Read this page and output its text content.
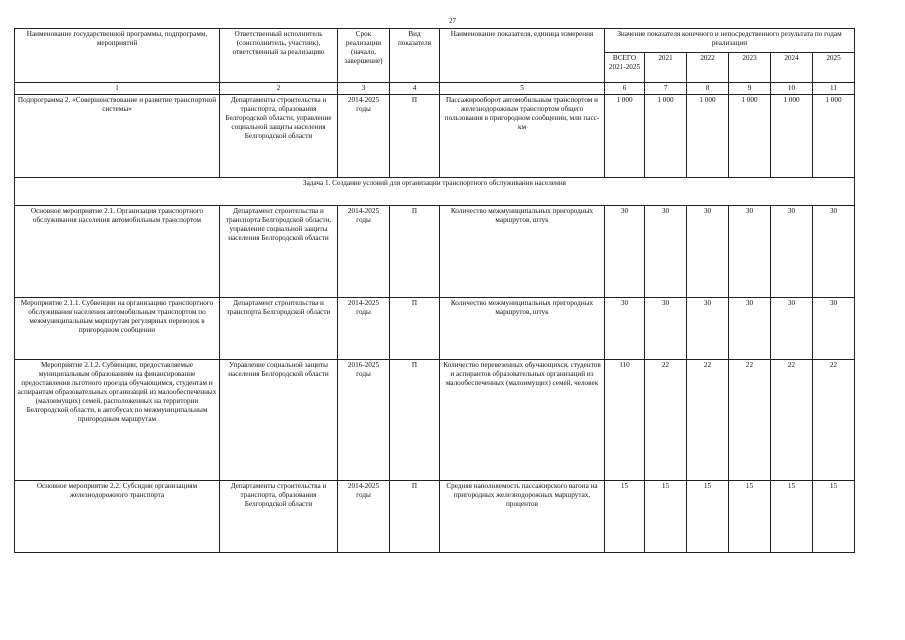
27
Наименование государственной программы, подпрограмм, мероприятий	Ответственный исполнитель (соисполнитель, участник), ответственный за реализацию	Срок реализации (начало, завершение)	Вид показателя	Наименование показателя, единица измерения	Значение показателя конечного и непосредственного результата по годам реализации					
					ВСЕГО 2021-2025	2021	2022	2023	2024	2025
1	2	3	4	5	6	7	8	9	10	11
Подпрограмма 2. «Совершенствование и развитие транспортной системы»	Департаменты строительства и транспорта, образования Белгородской области, управление социальной защиты населения Белгородской области	2014-2025 годы	П	Пассажирооборот автомобильным транспортом и железнодорожным транспортом общего пользования в пригородном сообщении, млн пасс-км	1 000	1 000	1 000	1 000	1 000	1 000
Задача 1. Создание условий для организации транспортного обслуживания населения										
Основное мероприятие 2.1. Организация транспортного обслуживания населения автомобильным транспортом	Департамент строительства и транспорта Белгородской области, управление социальной защиты населения Белгородской области	2014-2025 годы	П	Количество межмуниципальных пригородных маршрутов, штук	30	30	30	30	30	30
Мероприятие 2.1.1. Субвенции на организацию транспортного обслуживания населения автомобильным транспортом по межмуниципальным маршрутам регулярных перевозок в пригородном сообщении	Департамент строительства и транспорта Белгородской области	2014-2025 годы	П	Количество межмуниципальных пригородных маршрутов, штук	30	30	30	30	30	30
Мероприятие 2.1.2. Субвенции, предоставляемые муниципальным образованиям на финансирование предоставления льготного проезда обучающимся, студентам и аспирантам образовательных организаций из малообеспеченных (малоимущих) семей, расположенных на территории Белгородской области, в автобусах по межмуниципальным пригородным маршрутам	Управление социальной защиты населения Белгородской области	2016-2025 годы	П	Количество перевезенных обучающихся, студентов и аспирантов образовательных организаций из малообеспеченных (малоимущих) семей, человек	110	22	22	22	22	22
Основное мероприятие 2.2. Субсидии организациям железнодорожного транспорта	Департаменты строительства и транспорта, образования Белгородской области	2014-2025 годы	П	Средняя наполняемость пассажирского вагона на пригородных железнодорожных маршрутах, процентов	15	15	15	15	15	15
